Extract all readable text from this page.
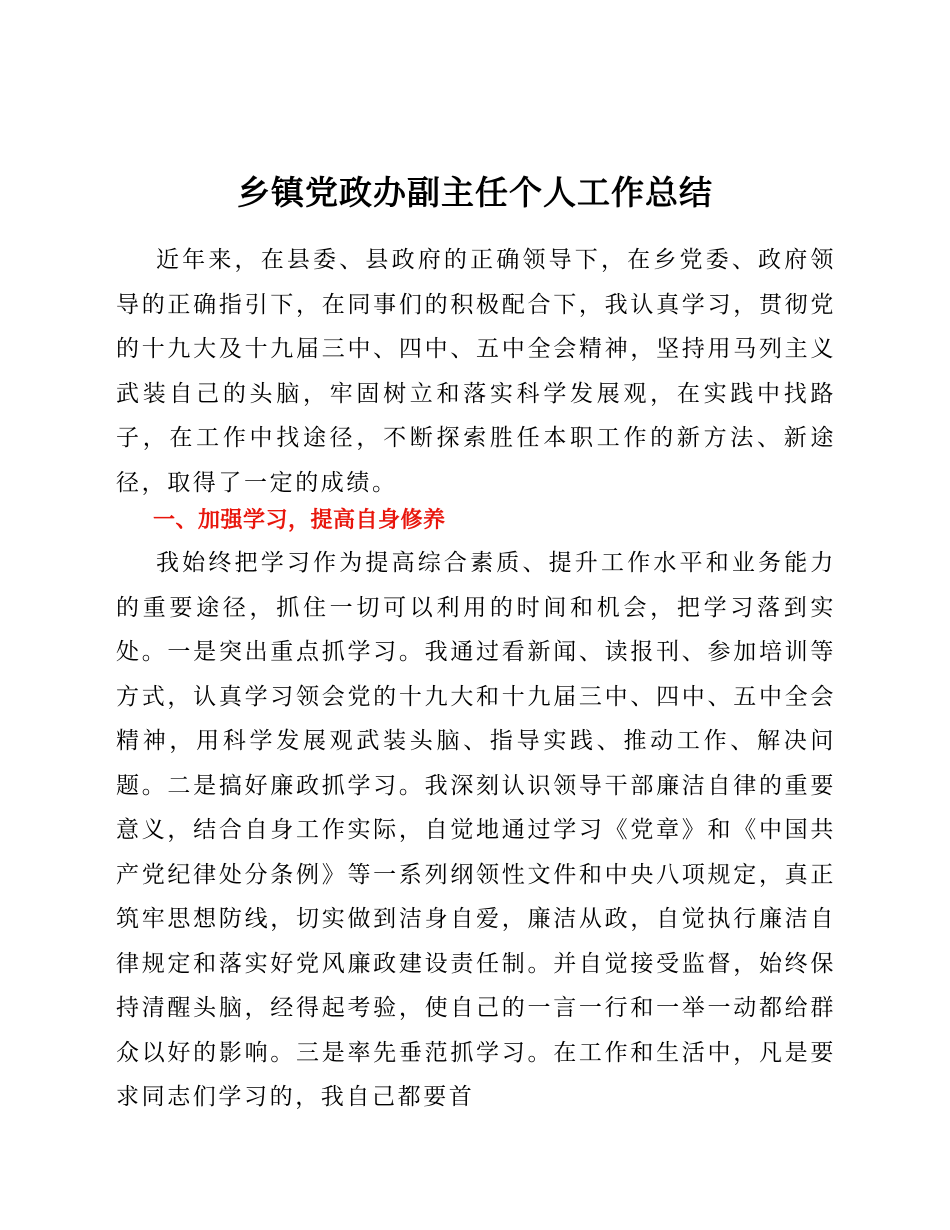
乡镇党政办副主任个人工作总结

近年来，在县委、县政府的正确领导下，在乡党委、政府领导的正确指引下，在同事们的积极配合下，我认真学习，贯彻党的十九大及十九届三中、四中、五中全会精神，坚持用马列主义武装自己的头脑，牢固树立和落实科学发展观，在实践中找路子，在工作中找途径，不断探索胜任本职工作的新方法、新途径，取得了一定的成绩。

一、加强学习，提高自身修养

我始终把学习作为提高综合素质、提升工作水平和业务能力的重要途径，抓住一切可以利用的时间和机会，把学习落到实处。一是突出重点抓学习。我通过看新闻、读报刊、参加培训等方式，认真学习领会党的十九大和十九届三中、四中、五中全会精神，用科学发展观武装头脑、指导实践、推动工作、解决问题。二是搞好廉政抓学习。我深刻认识领导干部廉洁自律的重要意义，结合自身工作实际，自觉地通过学习《党章》和《中国共产党纪律处分条例》等一系列纲领性文件和中央八项规定，真正筑牢思想防线，切实做到洁身自爱，廉洁从政，自觉执行廉洁自律规定和落实好党风廉政建设责任制。并自觉接受监督，始终保持清醒头脑，经得起考验，使自己的一言一行和一举一动都给群众以好的影响。三是率先垂范抓学习。在工作和生活中，凡是要求同志们学习的，我自己都要首
